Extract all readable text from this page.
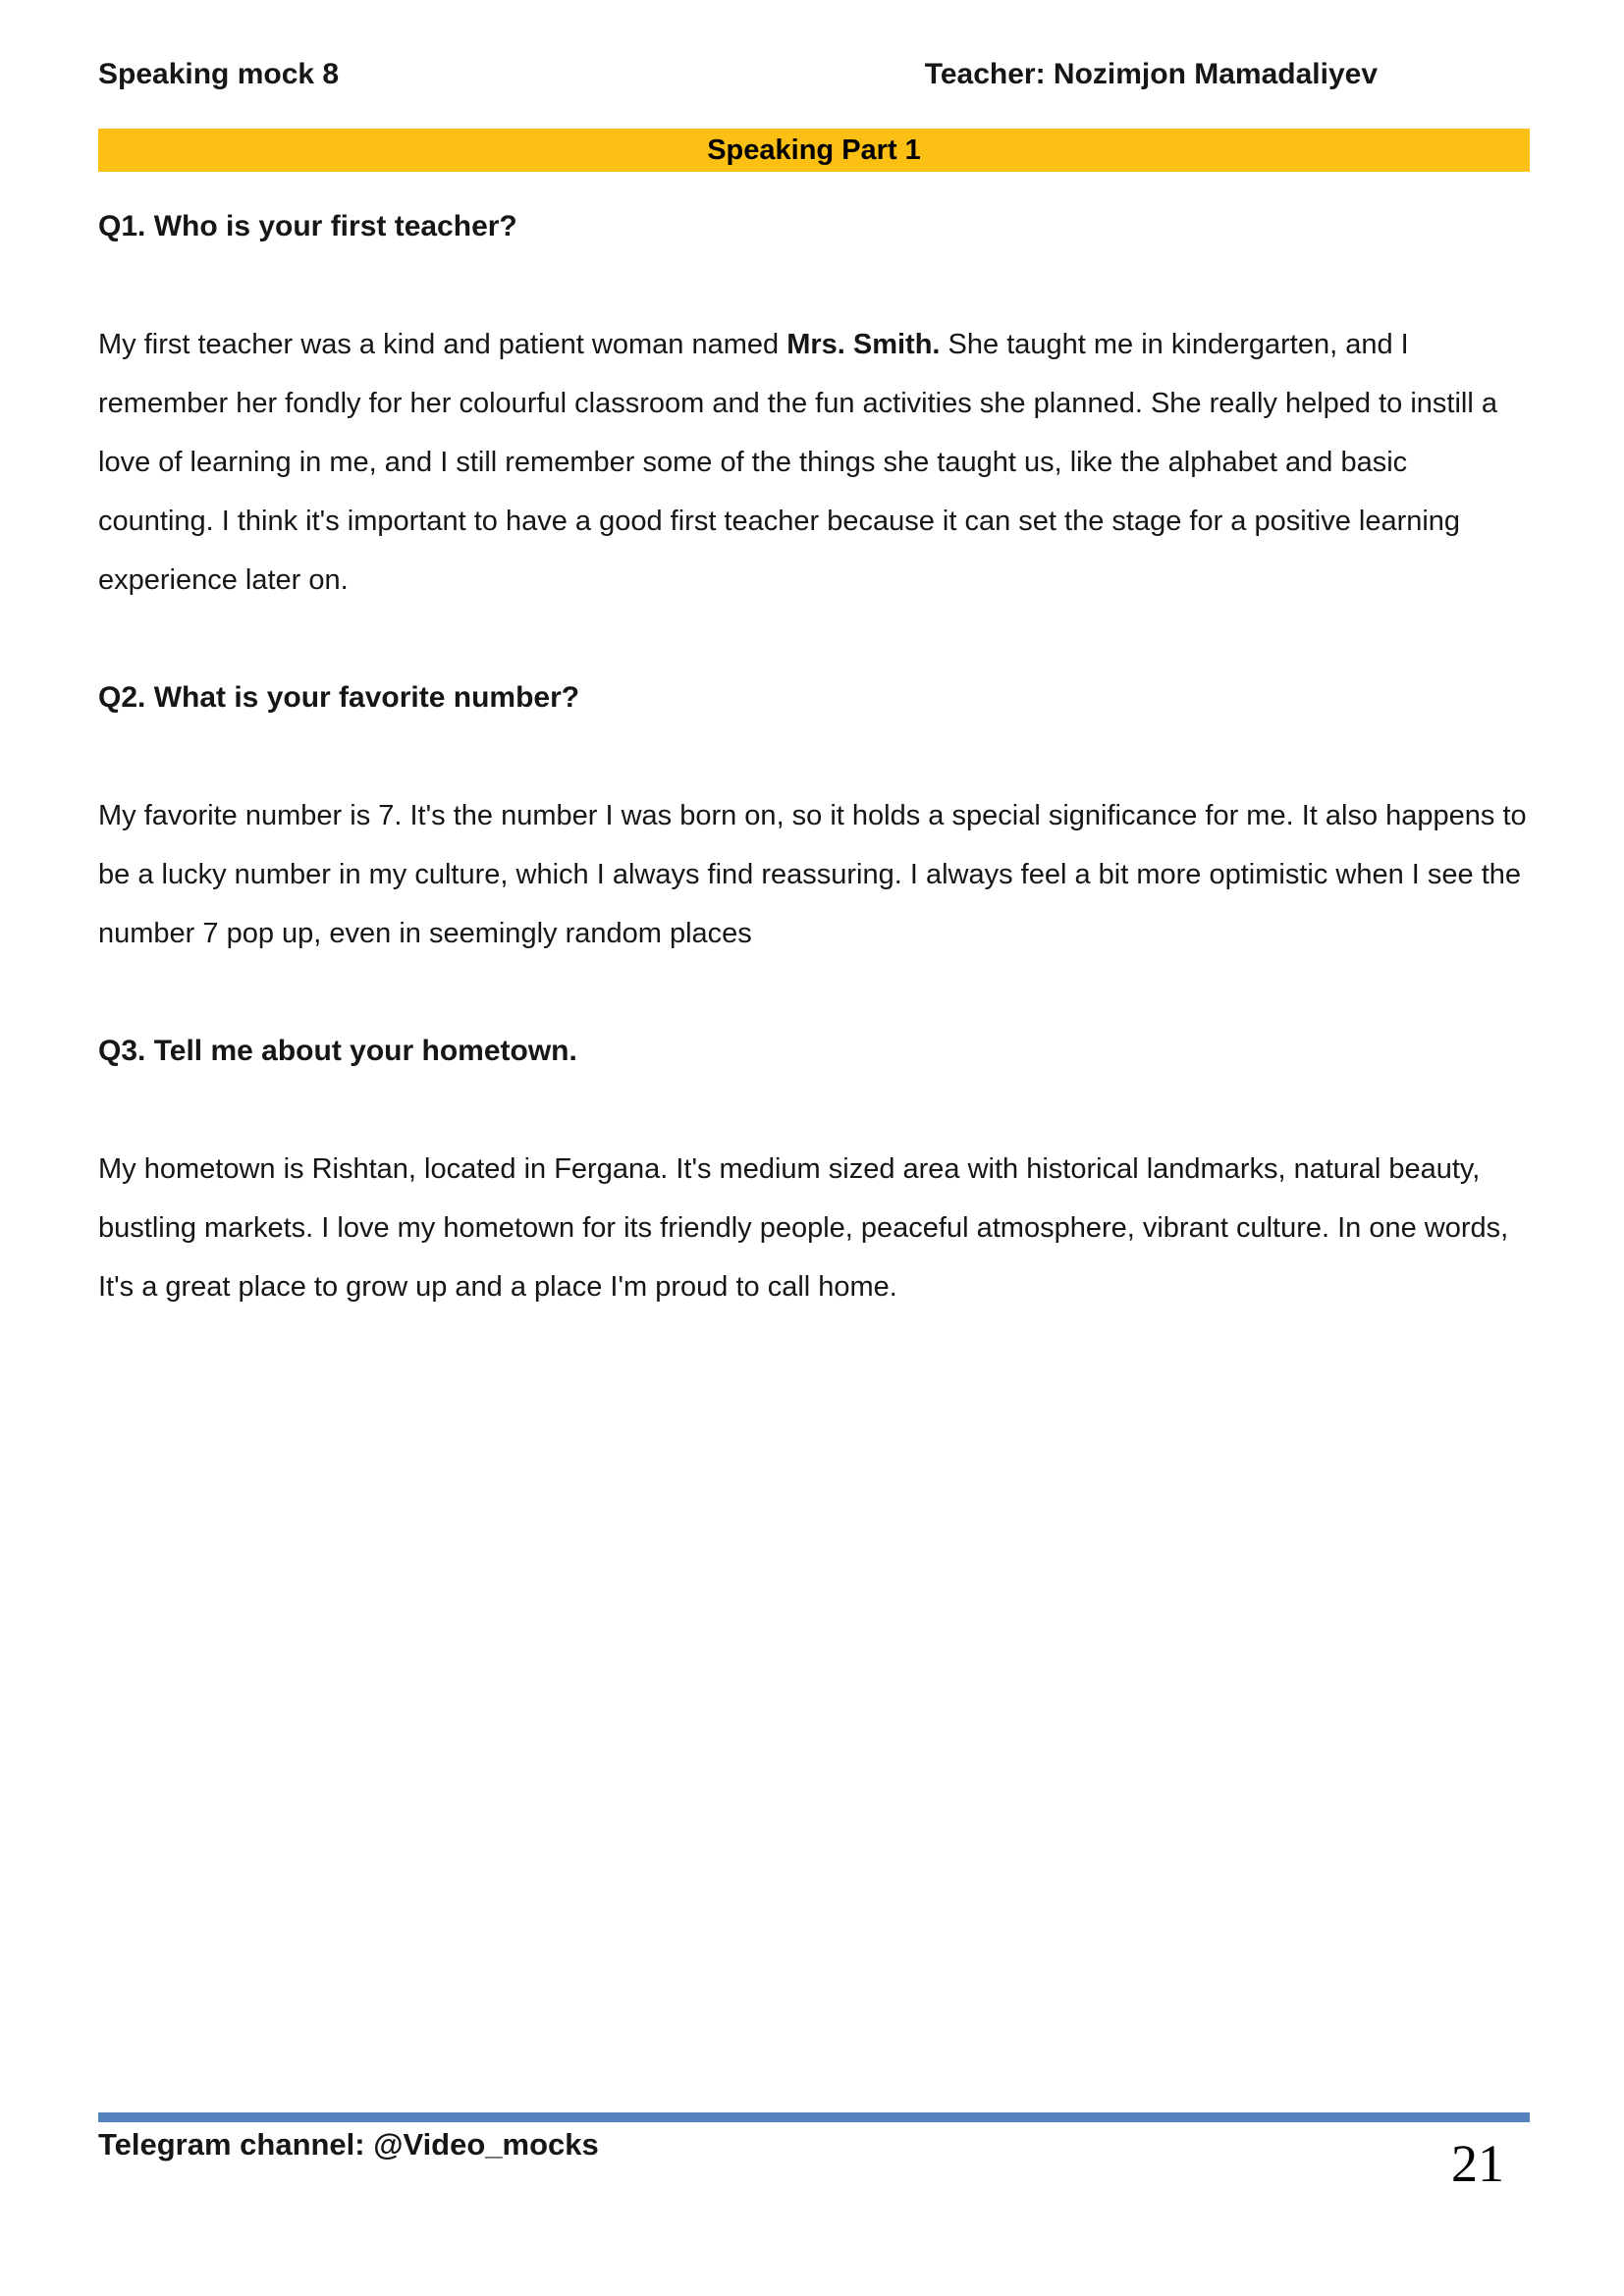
Speaking mock 8	Teacher: Nozimjon Mamadaliyev
Speaking Part 1
Q1. Who is your first teacher?

My first teacher was a kind and patient woman named Mrs. Smith. She taught me in kindergarten, and I remember her fondly for her colourful classroom and the fun activities she planned. She really helped to instill a love of learning in me, and I still remember some of the things she taught us, like the alphabet and basic counting. I think it's important to have a good first teacher because it can set the stage for a positive learning experience later on.

Q2. What is your favorite number?

My favorite number is 7. It's the number I was born on, so it holds a special significance for me. It also happens to be a lucky number in my culture, which I always find reassuring. I always feel a bit more optimistic when I see the number 7 pop up, even in seemingly random places

Q3. Tell me about your hometown.

My hometown is Rishtan, located in Fergana. It's medium sized area with historical landmarks, natural beauty, bustling markets. I love my hometown for its friendly people, peaceful atmosphere, vibrant culture. In one words, It's a great place to grow up and a place I'm proud to call home.

Telegram channel: @Video_mocks	21
